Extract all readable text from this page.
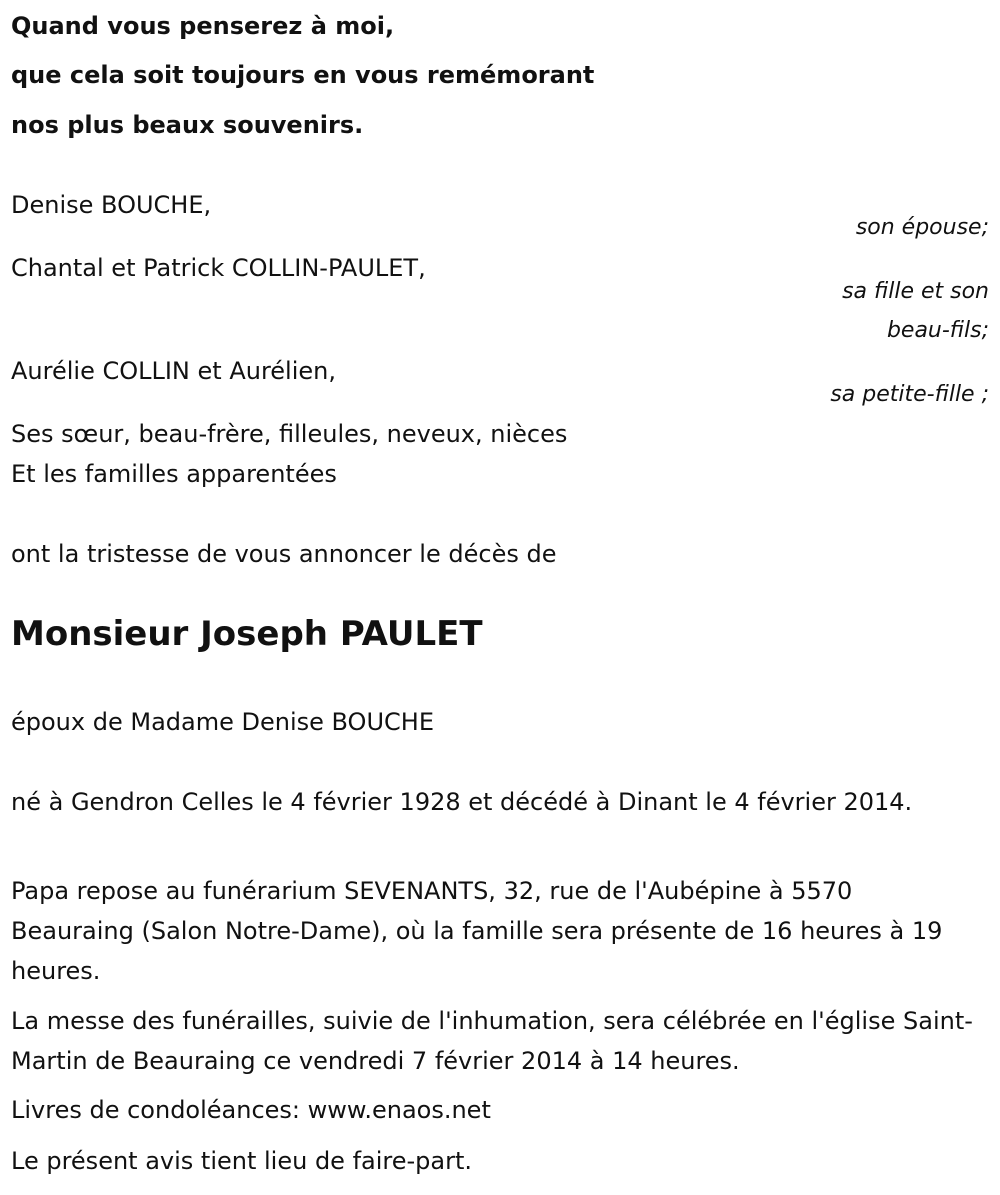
Quand vous penserez à moi,

que cela soit toujours en vous remémorant

nos plus beaux souvenirs.

Denise BOUCHE,

son épouse;

Chantal et Patrick COLLIN-PAULET,

sa fille et son

beau-fils;

Aurélie COLLIN et Aurélien,

sa petite-fille ;

Ses sœur, beau-frère, filleules, neveux, nièces

Et les familles apparentées

ont la tristesse de vous annoncer le décès de

Monsieur Joseph PAULET

époux de Madame Denise BOUCHE

né à Gendron Celles le 4 février 1928 et décédé à Dinant le 4 février 2014.

Papa repose au funérarium SEVENANTS, 32, rue de l'Aubépine à 5570 Beauraing (Salon Notre-Dame), où la famille sera présente de 16 heures à 19 heures.

La messe des funérailles, suivie de l'inhumation, sera célébrée en l'église Saint-Martin de Beauraing ce vendredi 7 février 2014 à 14 heures.

Livres de condoléances: www.enaos.net

Le présent avis tient lieu de faire-part.
